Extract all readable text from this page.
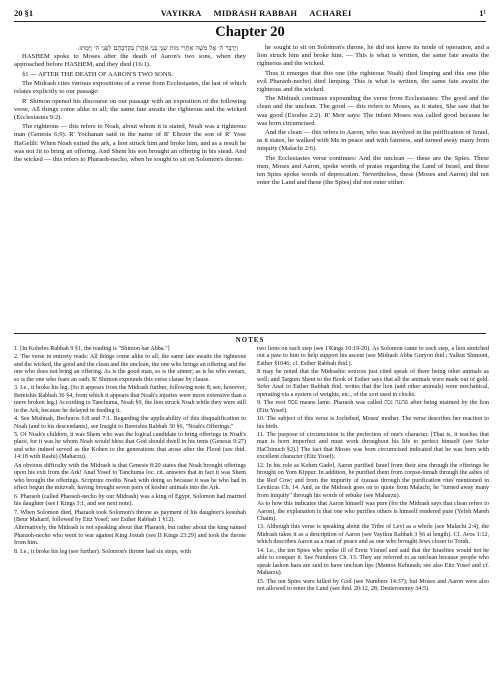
20 §1	VAYIKRA MIDRASH RABBAH ACHAREI	1¹
Chapter 20

וַיְדַבֵּר ה׳ אֶל מֹשֶׁה אַחֲרֵי מוֹת שְׁנֵי בְּנֵי אַהֲרֹן בְּקָרְבָתָם לִפְנֵי ה׳ וַיָּמֻתוּ.

HASHEM spoke to Moses after the death of Aaron's two sons, when they approached before HASHEM, and they died (16:1).

§1 — AFTER THE DEATH OF AARON'S TWO SONS.

The Midrash cites various expositions of a verse from Ecclesiastes, the last of which relates explicitly to our passage:

R' Shimon opened his discourse on our passage with an exposition of the following verse, All things come alike to all; the same fate awaits the righteous and the wicked (Ecclesiastes 9:2).

The righteous — this refers to Noah, about whom it is stated, Noah was a righteous man (Genesis 6:9). R' Yochanan said in the name of R' Eliezer the son of R' Yose HaGelili: When Noah exited the ark, a lion struck him and broke him, and as a result he was not fit to bring an offering. And Shem his son brought an offering in his stead. And the wicked — this refers to Pharaoh-necho, when he sought to sit on Solomon's throne.

he sought to sit on Solomon's throne, he did not know its mode of operation, and a lion struck him and broke him. — This is what is written, the same fate awaits the righteous and the wicked.

Thus it emerges that this one (the righteous Noah) died limping and this one (the evil Pharaoh-necho) died limping. This is what is written, the same fate awaits the righteous and the wicked.

The Midrash continues expounding the verse from Ecclesiastes: The good and the clean and the unclean. The good — this refers to Moses, as it states, She saw that he was good (Exodus 2:2). R' Meir says: The infant Moses was called good because he was born circumcised.

And the clean — this refers to Aaron, who was involved in the purification of Israel, as it states, he walked with Me in peace and with fairness, and turned away many from iniquity (Malachi 2:6).

The Ecclesiastes verse continues: And the unclean — these are the Spies. These men, Moses and Aaron, spoke words of praise regarding the Land of Israel, and these ten Spies spoke words of deprecation. Nevertheless, these (Moses and Aaron) did not enter the Land and these (the Spies) did not enter either.

NOTES

1. [In Koheles Rabbah 9 §1, the reading is "Shimon bar Abba."]

2. The verse in entirety reads: All things come alike to all; the same fate awaits the righteous and the wicked, the good and the clean and the unclean, the one who brings an offering and the one who does not bring an offering. As is the good man, so is the sinner; as is he who swears, so is the one who fears an oath. R' Shimon expounds this verse clause by clause.

3. I.e., it broke his leg. (So it appears from the Midrash further, following note 8; see, however, Bereishis Rabbah 36 §4, from which it appears that Noah's injuries were more extensive than a mere broken leg.) According to Tanchuma, Noah §9, the lion struck Noah while they were still in the Ark, because he delayed in feeding it.

4. See Mishnah, Bechoros 6:8 and 7:1. Regarding the applicability of this disqualification to Noah (and to his descendants), see Insight to Bereishis Rabbah 30 §6, "Noah's Offerings."

5. Of Noah's children, it was Shem who was the logical candidate to bring offerings in Noah's place, for it was he whom Noah would bless that God should dwell in his tents (Genesis 9:27) and who indeed served as the Kohen to the generations that arose after the Flood (see ibid. 14:18 with Rashi) (Maharzu).

An obvious difficulty with the Midrash is that Genesis 8:20 states that Noah brought offerings upon his exit from the Ark! Anaf Yosef to Tanchuma loc. cit. answers that in fact it was Shem who brought the offerings. Scripture credits Noah with doing so because it was he who had in effect begun the mitzvah, having brought seven pairs of kosher animals into the Ark.

6. Pharaoh (called Pharaoh-necho by our Midrash) was a king of Egypt. Solomon had married his daughter (see I Kings 3:1, and see next note).

7. When Solomon died, Pharaoh took Solomon's throne as payment of his daughter's kesubah (Beur Maharif, followed by Eitz Yosef; see Esther Rabbah 1 §12).

Alternatively, the Midrash is not speaking about that Pharaoh, but rather about the king named Pharaoh-necho who went to war against King Josiah (see II Kings 23:29) and took the throne from him.

8. I.e., it broke his leg (see further). Solomon's throne had six steps, with

two lions on each step (see I Kings 10:19-20). As Solomon came to each step, a lion stretched out a paw to him to help support his ascent (see Midrash Abba Guryon ibid.; Yalkut Shimoni, Esther §1046; cf. Esther Rabbah ibid.).

It may be noted that the Midrashic sources just cited speak of there being other animals as well; and Targum Sheni to the Book of Esther says that all the animals were made out of gold. Sefer Anaf to Esther Rabbah ibid. writes that the lion (and other animals) were mechanical, operating via a system of weights, etc., of the sort used in clocks.

9. The root פסח means lame. Pharaoh was called פרעה נכה after being maimed by the lion (Eitz Yosef).

10. The subject of this verse is Jochebed, Moses' mother. The verse describes her reaction to his birth.

11. The purpose of circumcision is the perfection of one's character. [That is, it teaches that man is born imperfect and must work throughout his life to perfect himself (see Sefer HaChinuch §2).] The fact that Moses was born circumcised indicated that he was born with excellent character (Eitz Yosef).

12. In his role as Kohen Gadol, Aaron purified Israel from their sins through the offerings he brought on Yom Kippur. In addition, he purified them from corpse-tumah through the ashes of the Red Cow; and from the impurity of tzaraas through the purification rites mentioned in Leviticus Ch. 14. And, as the Midrash goes on to quote from Malachi, he "turned away many from iniquity" through his words of rebuke (see Maharzu).

As to how this indicates that Aaron himself was pure (for the Midrash says that clean refers to Aaron), the explanation is that one who purifies others is himself rendered pure (Yefeh Mareh Chaim).

13. Although this verse is speaking about the Tribe of Levi as a whole (see Malachi 2:4), the Midrash takes it as a description of Aaron (see Vayikra Rabbah 3 §6 at length). Cf. Avos 1:12, which describes Aaron as a man of peace and as one who brought Jews closer to Torah.

14. I.e., the ten Spies who spoke ill of Eretz Yisrael and said that the Israelites would not be able to conquer it. See Numbers Ch. 13. They are referred to as unclean because people who speak lashon hara are said to have unclean lips (Matnos Kehunah; see also Eitz Yosef and cf. Maharzu).

15. The ten Spies were killed by God (see Numbers 14:37); but Moses and Aaron were also not allowed to enter the Land (see ibid. 20:12, 28; Deuteronomy 34:5).
